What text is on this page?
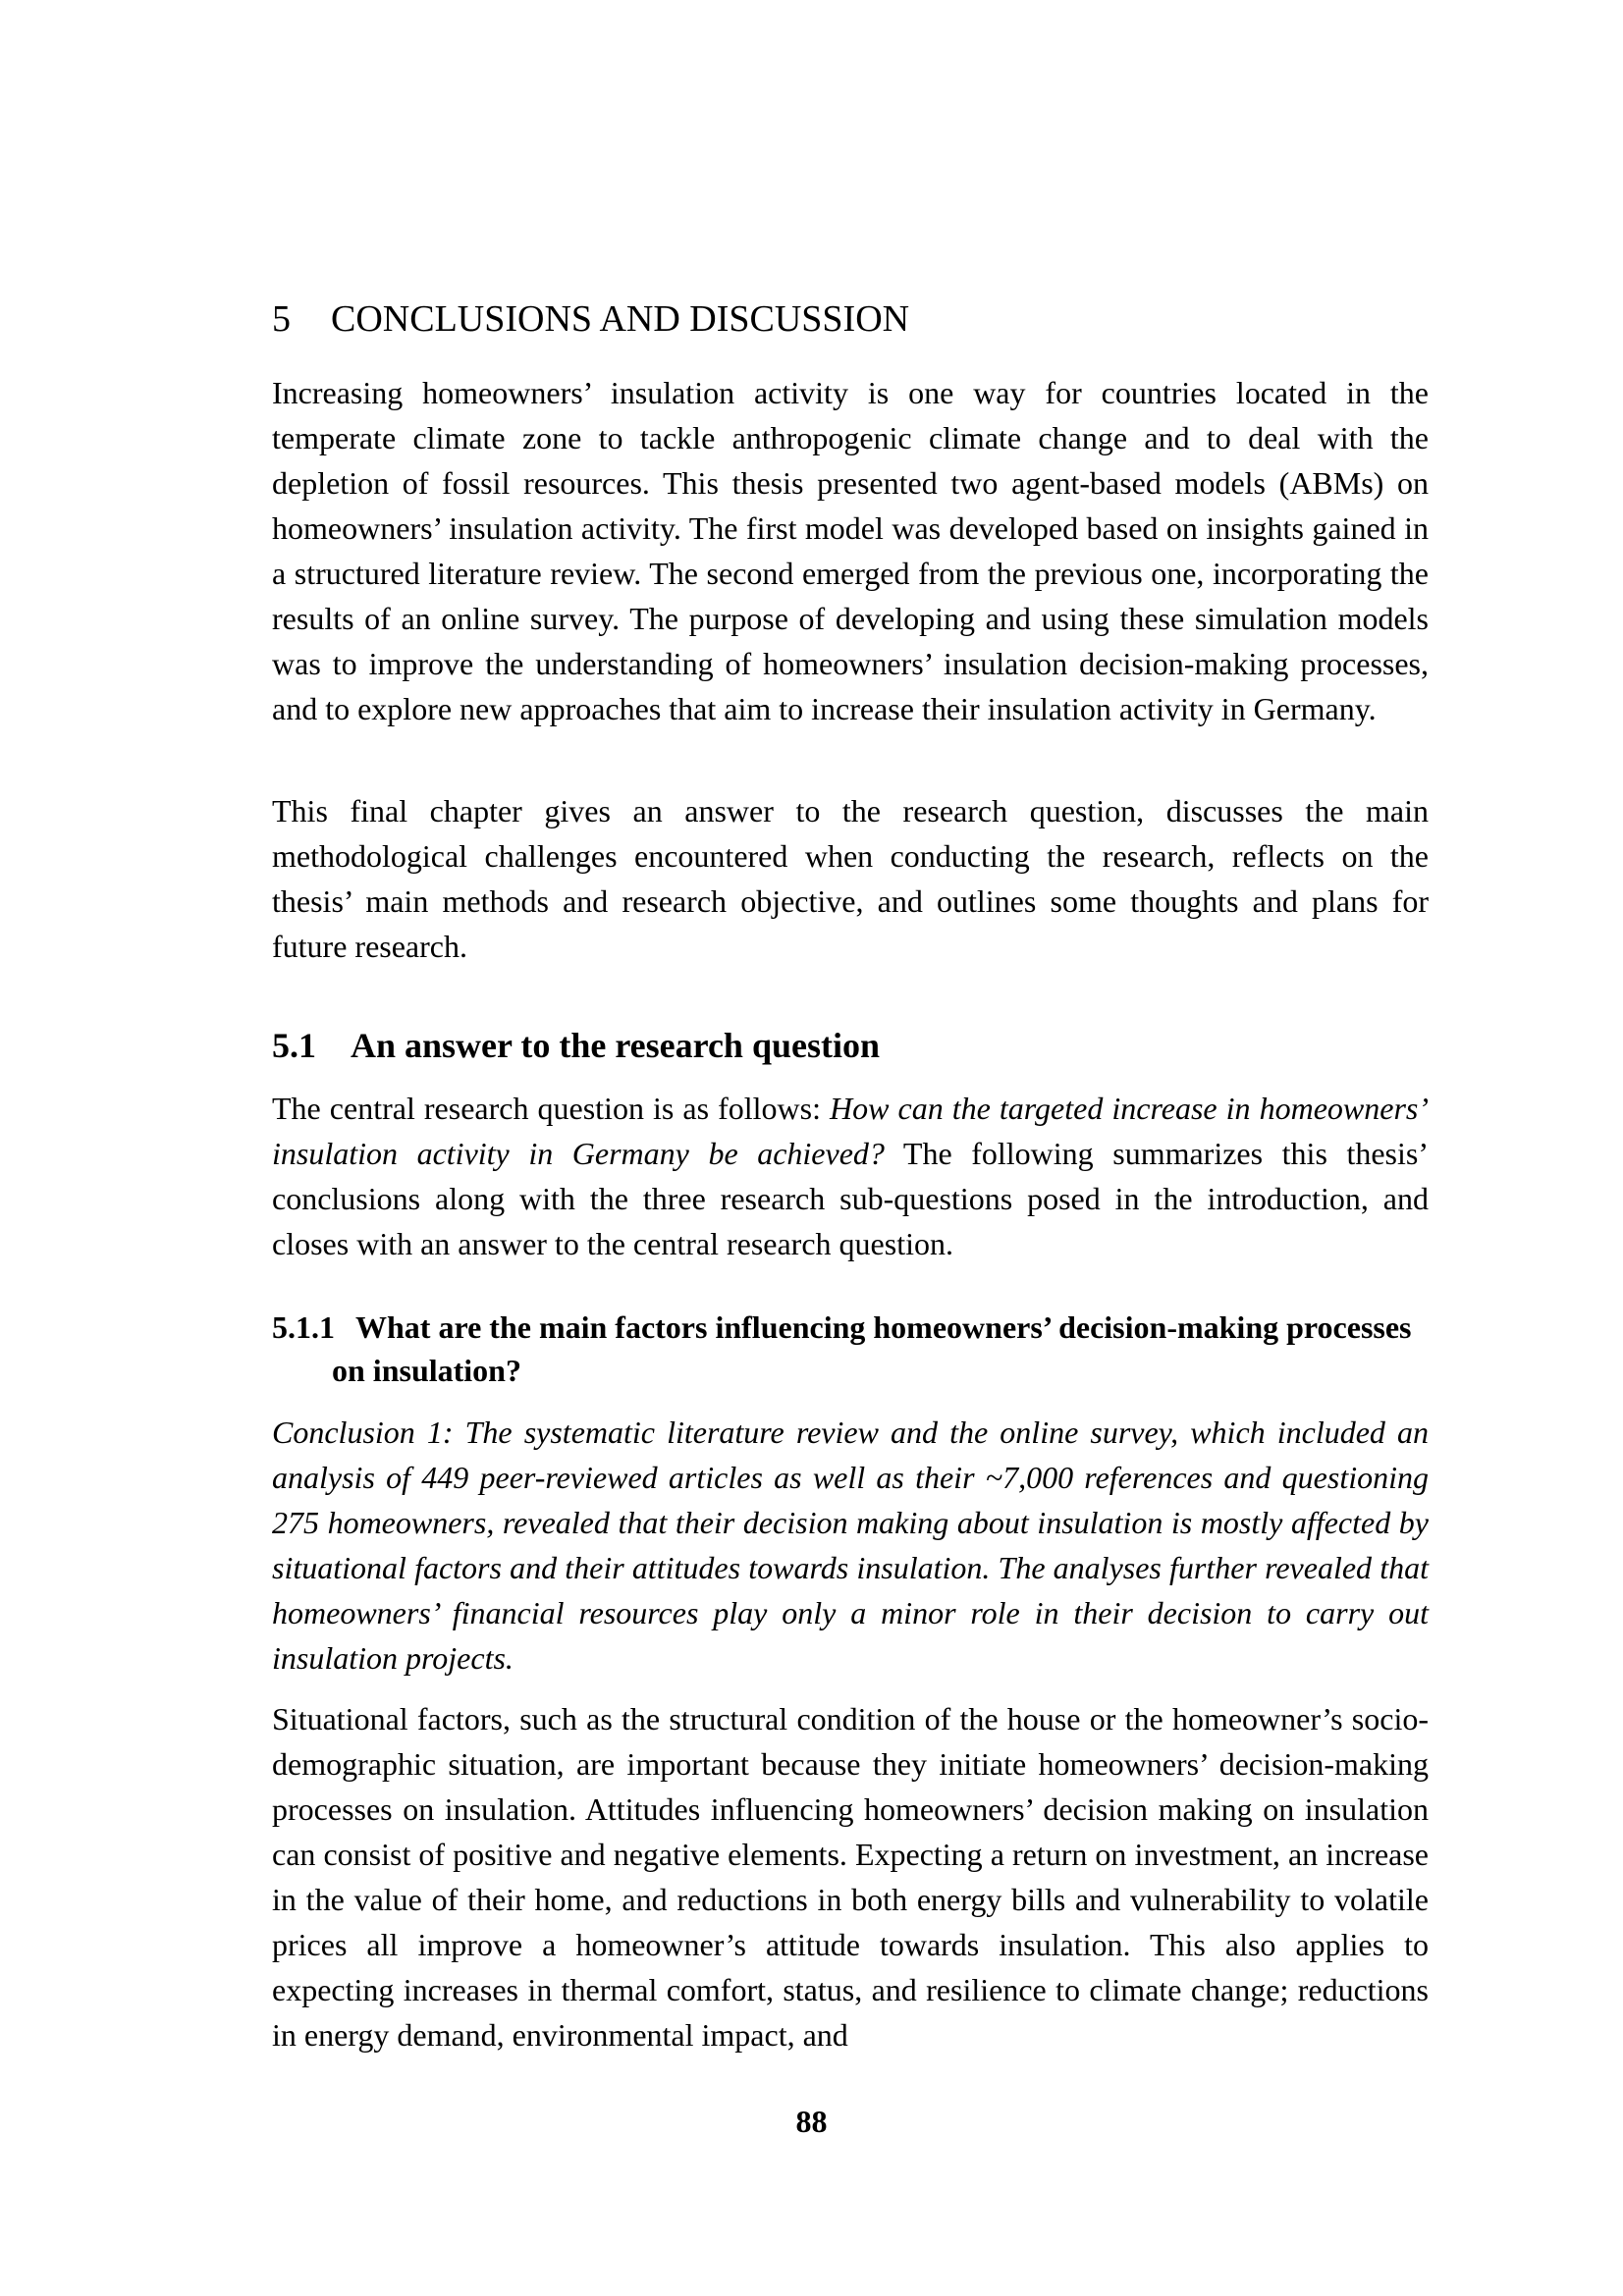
5 CONCLUSIONS AND DISCUSSION

Increasing homeowners’ insulation activity is one way for countries located in the temperate climate zone to tackle anthropogenic climate change and to deal with the depletion of fossil resources. This thesis presented two agent-based models (ABMs) on homeowners’ insulation activity. The first model was developed based on insights gained in a structured literature review. The second emerged from the previous one, incorporating the results of an online survey. The purpose of developing and using these simulation models was to improve the understanding of homeowners’ insulation decision-making processes, and to explore new approaches that aim to increase their insulation activity in Germany.

This final chapter gives an answer to the research question, discusses the main methodological challenges encountered when conducting the research, reflects on the thesis’ main methods and research objective, and outlines some thoughts and plans for future research.

5.1 An answer to the research question

The central research question is as follows: How can the targeted increase in homeowners’ insulation activity in Germany be achieved? The following summarizes this thesis’ conclusions along with the three research sub-questions posed in the introduction, and closes with an answer to the central research question.

5.1.1 What are the main factors influencing homeowners’ decision-making processes on insulation?

Conclusion 1: The systematic literature review and the online survey, which included an analysis of 449 peer-reviewed articles as well as their ~7,000 references and questioning 275 homeowners, revealed that their decision making about insulation is mostly affected by situational factors and their attitudes towards insulation. The analyses further revealed that homeowners’ financial resources play only a minor role in their decision to carry out insulation projects.

Situational factors, such as the structural condition of the house or the homeowner’s socio-demographic situation, are important because they initiate homeowners’ decision-making processes on insulation. Attitudes influencing homeowners’ decision making on insulation can consist of positive and negative elements. Expecting a return on investment, an increase in the value of their home, and reductions in both energy bills and vulnerability to volatile prices all improve a homeowner’s attitude towards insulation. This also applies to expecting increases in thermal comfort, status, and resilience to climate change; reductions in energy demand, environmental impact, and

88
